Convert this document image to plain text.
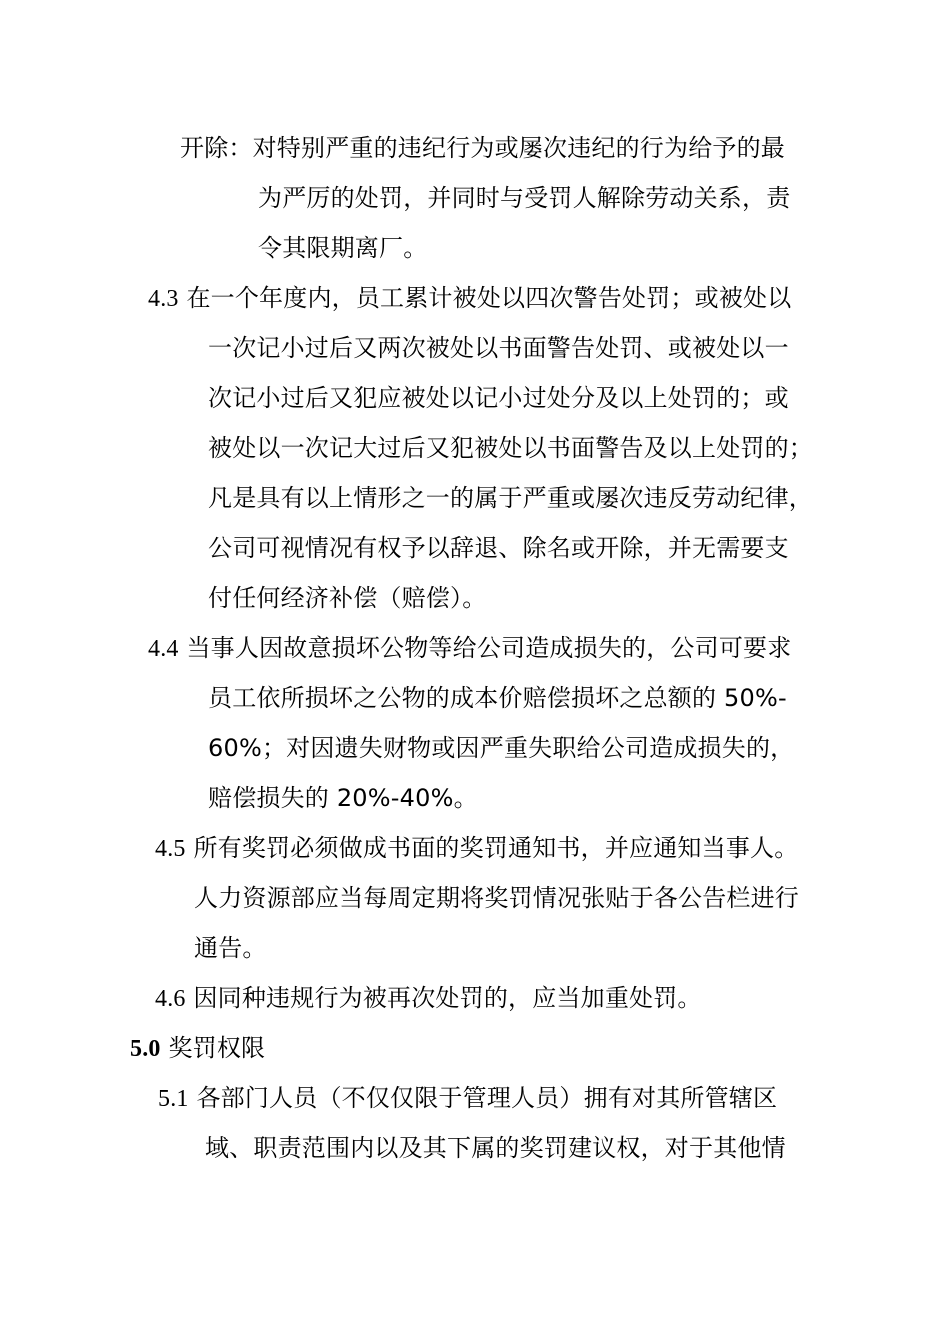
开除：对特别严重的违纪行为或屡次违纪的行为给予的最
为严厉的处罚，并同时与受罚人解除劳动关系，责
令其限期离厂。
4.3 在一个年度内，员工累计被处以四次警告处罚；或被处以
一次记小过后又两次被处以书面警告处罚、或被处以一
次记小过后又犯应被处以记小过处分及以上处罚的；或
被处以一次记大过后又犯被处以书面警告及以上处罚的；
凡是具有以上情形之一的属于严重或屡次违反劳动纪律，
公司可视情况有权予以辞退、除名或开除，并无需要支
付任何经济补偿（赔偿）。
4.4 当事人因故意损坏公物等给公司造成损失的，公司可要求
员工依所损坏之公物的成本价赔偿损坏之总额的 50%-
60%；对因遗失财物或因严重失职给公司造成损失的，
赔偿损失的 20%-40%。
4.5 所有奖罚必须做成书面的奖罚通知书，并应通知当事人。
人力资源部应当每周定期将奖罚情况张贴于各公告栏进行
通告。
4.6 因同种违规行为被再次处罚的，应当加重处罚。
5.0 奖罚权限
5.1 各部门人员（不仅仅限于管理人员）拥有对其所管辖区
域、职责范围内以及其下属的奖罚建议权，对于其他情
